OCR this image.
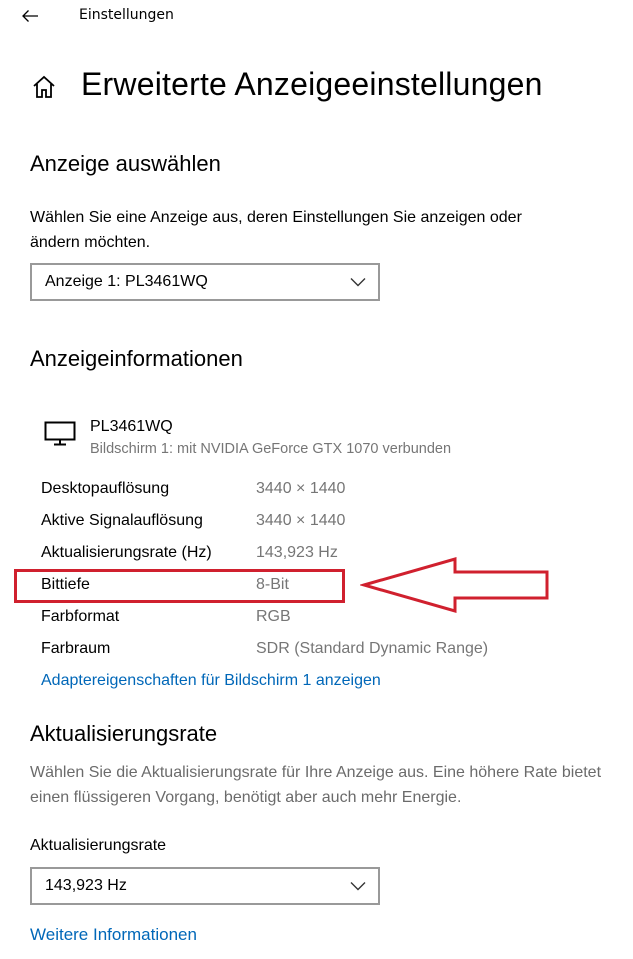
Einstellungen
Erweiterte Anzeigeeinstellungen
Anzeige auswählen
Wählen Sie eine Anzeige aus, deren Einstellungen Sie anzeigen oder ändern möchten.
Anzeige 1: PL3461WQ
Anzeigeinformationen
PL3461WQ
Bildschirm 1: mit NVIDIA GeForce GTX 1070 verbunden
Desktopauflösung	3440 × 1440
Aktive Signalauflösung	3440 × 1440
Aktualisierungsrate (Hz)	143,923 Hz
Bittiefe	8-Bit
Farbformat	RGB
Farbraum	SDR (Standard Dynamic Range)
Adaptereigenschaften für Bildschirm 1 anzeigen
Aktualisierungsrate
Wählen Sie die Aktualisierungsrate für Ihre Anzeige aus. Eine höhere Rate bietet einen flüssigeren Vorgang, benötigt aber auch mehr Energie.
Aktualisierungsrate
143,923 Hz
Weitere Informationen
